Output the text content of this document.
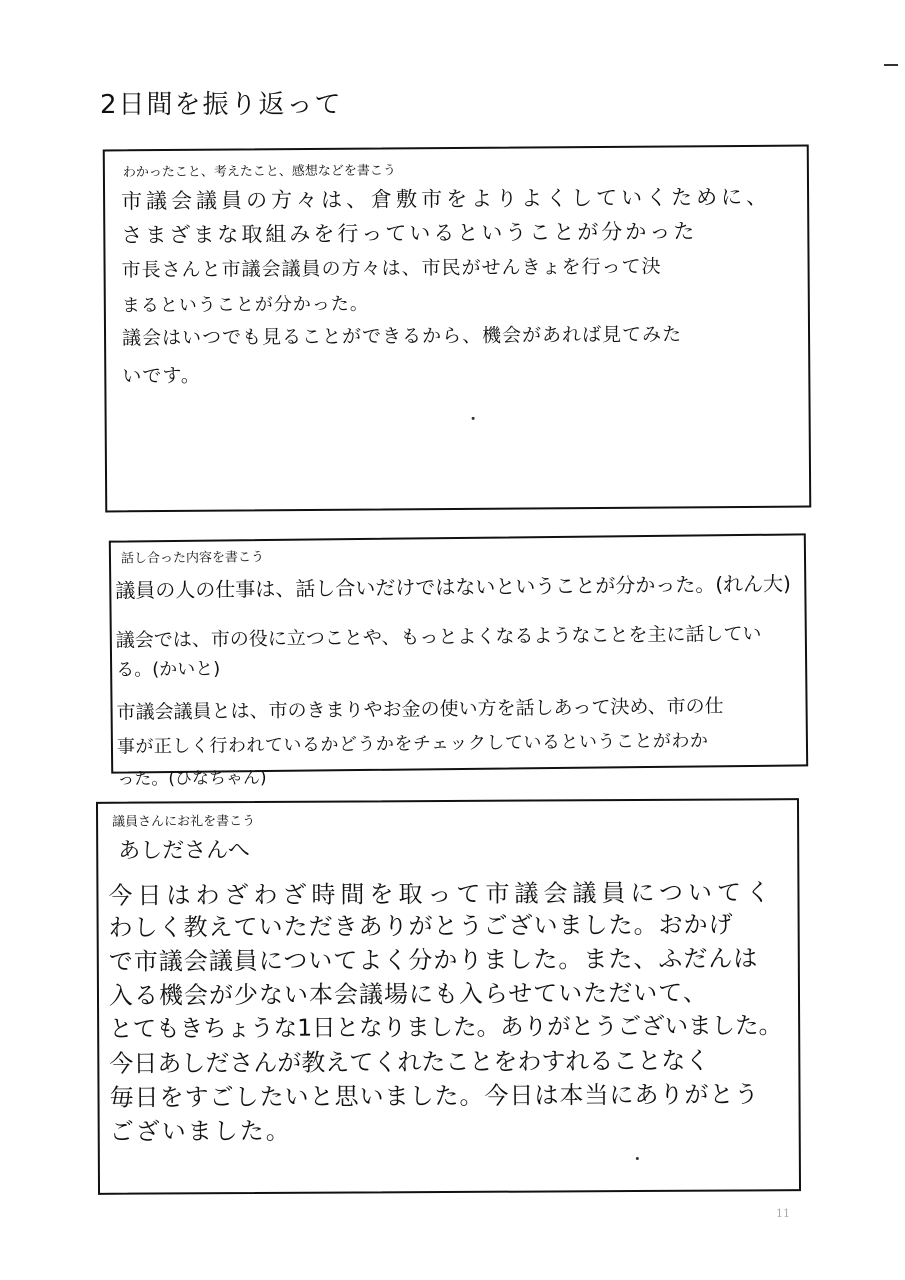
2日間を振り返って
わかったこと、考えたこと、感想などを書こう
市議会議員の方々は、倉敷市をよりよくしていくために、
さまざまな取組みを行っているということが分かった
市長さんと市議会議員の方々は、市民がせんきょを行って決
まるということが分かった。
議会はいつでも見ることができるから、機会があれば見てみた
いです。
話し合った内容を書こう
議員の人の仕事は、話し合いだけではないということが分かった。(れん大)
議会では、市の役に立つことや、もっとよくなるようなことを主に話してい
る。(かいと)
市議会議員とは、市のきまりやお金の使い方を話しあって決め、市の仕
事が正しく行われているかどうかをチェックしているということがわか
った。(ひなちゃん)
議員さんにお礼を書こう
あしださんへ
今日はわざわざ時間を取って市議会議員についてく
わしく教えていただきありがとうございました。おかげ
で市議会議員についてよく分かりました。また、ふだんは
入る機会が少ない本会議場にも入らせていただいて、
とてもきちょうな1日となりました。ありがとうございました。
今日あしださんが教えてくれたことをわすれることなく
毎日をすごしたいと思いました。今日は本当にありがとう
ございました。
11
